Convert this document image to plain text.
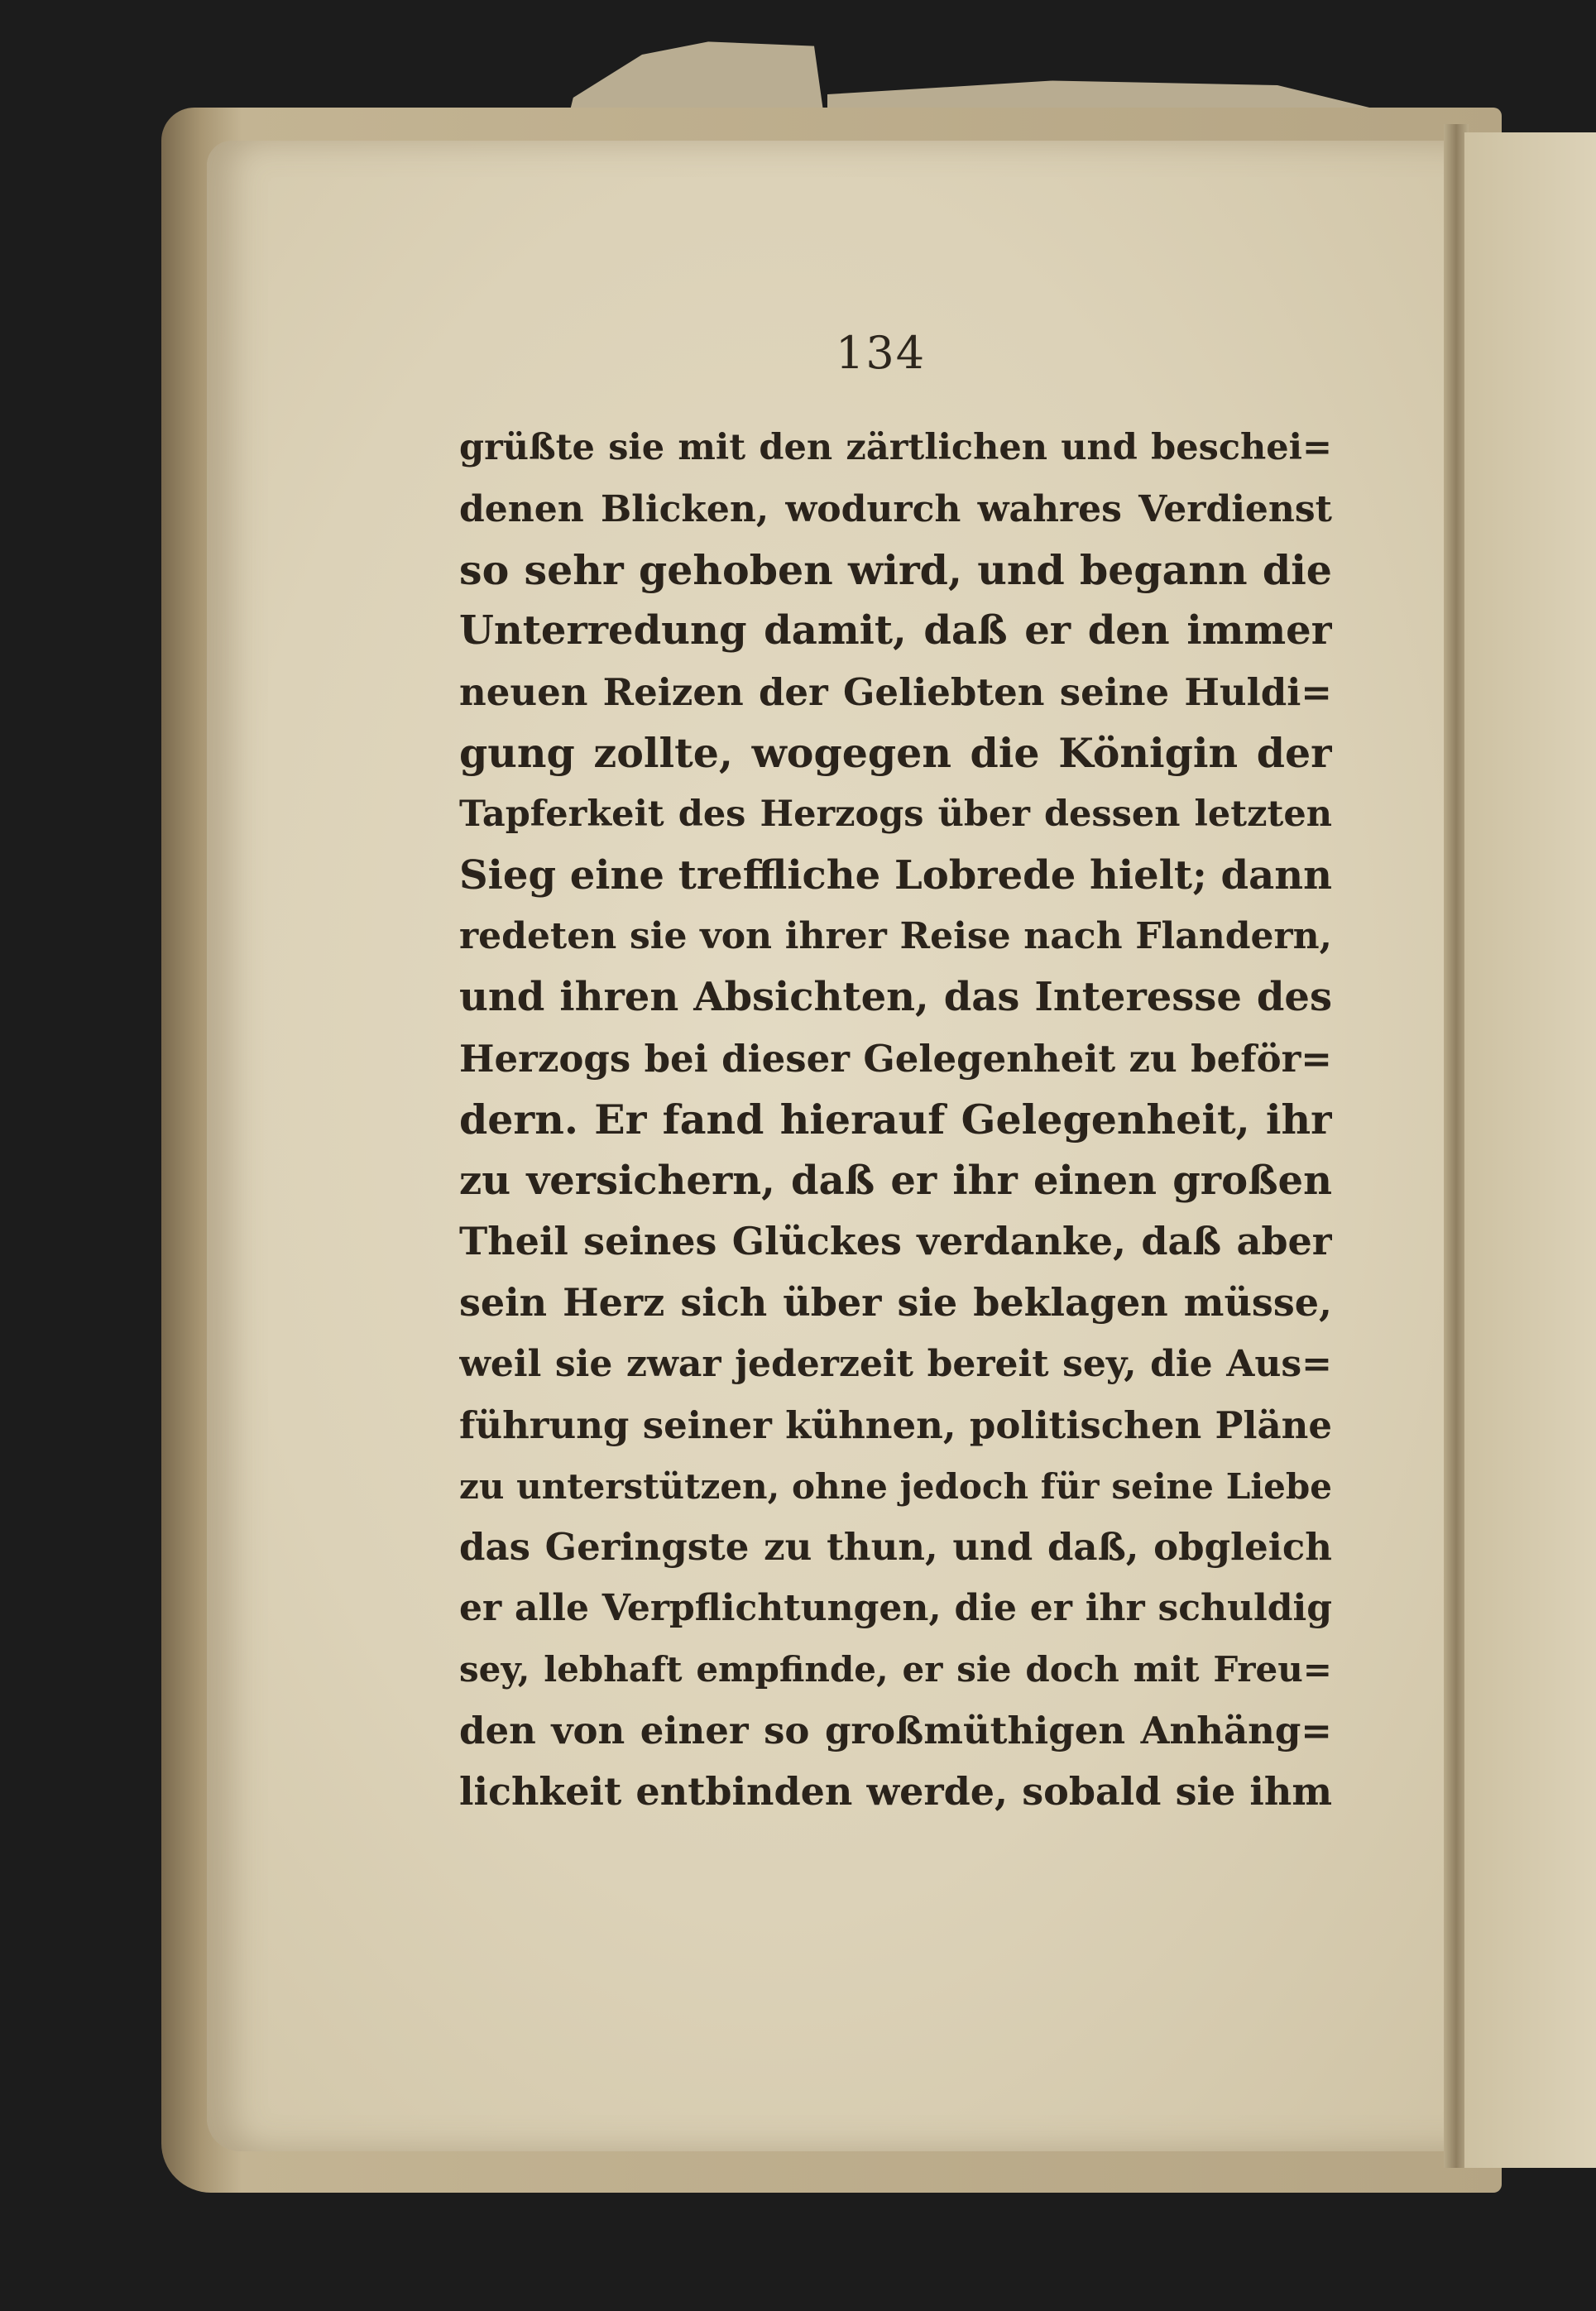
134
grüßte sie mit den zärtlichen und beschei=
denen Blicken, wodurch wahres Verdienst
so sehr gehoben wird, und begann die
Unterredung damit, daß er den immer
neuen Reizen der Geliebten seine Huldi=
gung zollte, wogegen die Königin der
Tapferkeit des Herzogs über dessen letzten
Sieg eine treffliche Lobrede hielt; dann
redeten sie von ihrer Reise nach Flandern,
und ihren Absichten, das Interesse des
Herzogs bei dieser Gelegenheit zu beför=
dern. Er fand hierauf Gelegenheit, ihr
zu versichern, daß er ihr einen großen
Theil seines Glückes verdanke, daß aber
sein Herz sich über sie beklagen müsse,
weil sie zwar jederzeit bereit sey, die Aus=
führung seiner kühnen, politischen Pläne
zu unterstützen, ohne jedoch für seine Liebe
das Geringste zu thun, und daß, obgleich
er alle Verpflichtungen, die er ihr schuldig
sey, lebhaft empfinde, er sie doch mit Freu=
den von einer so großmüthigen Anhäng=
lichkeit entbinden werde, sobald sie ihm
